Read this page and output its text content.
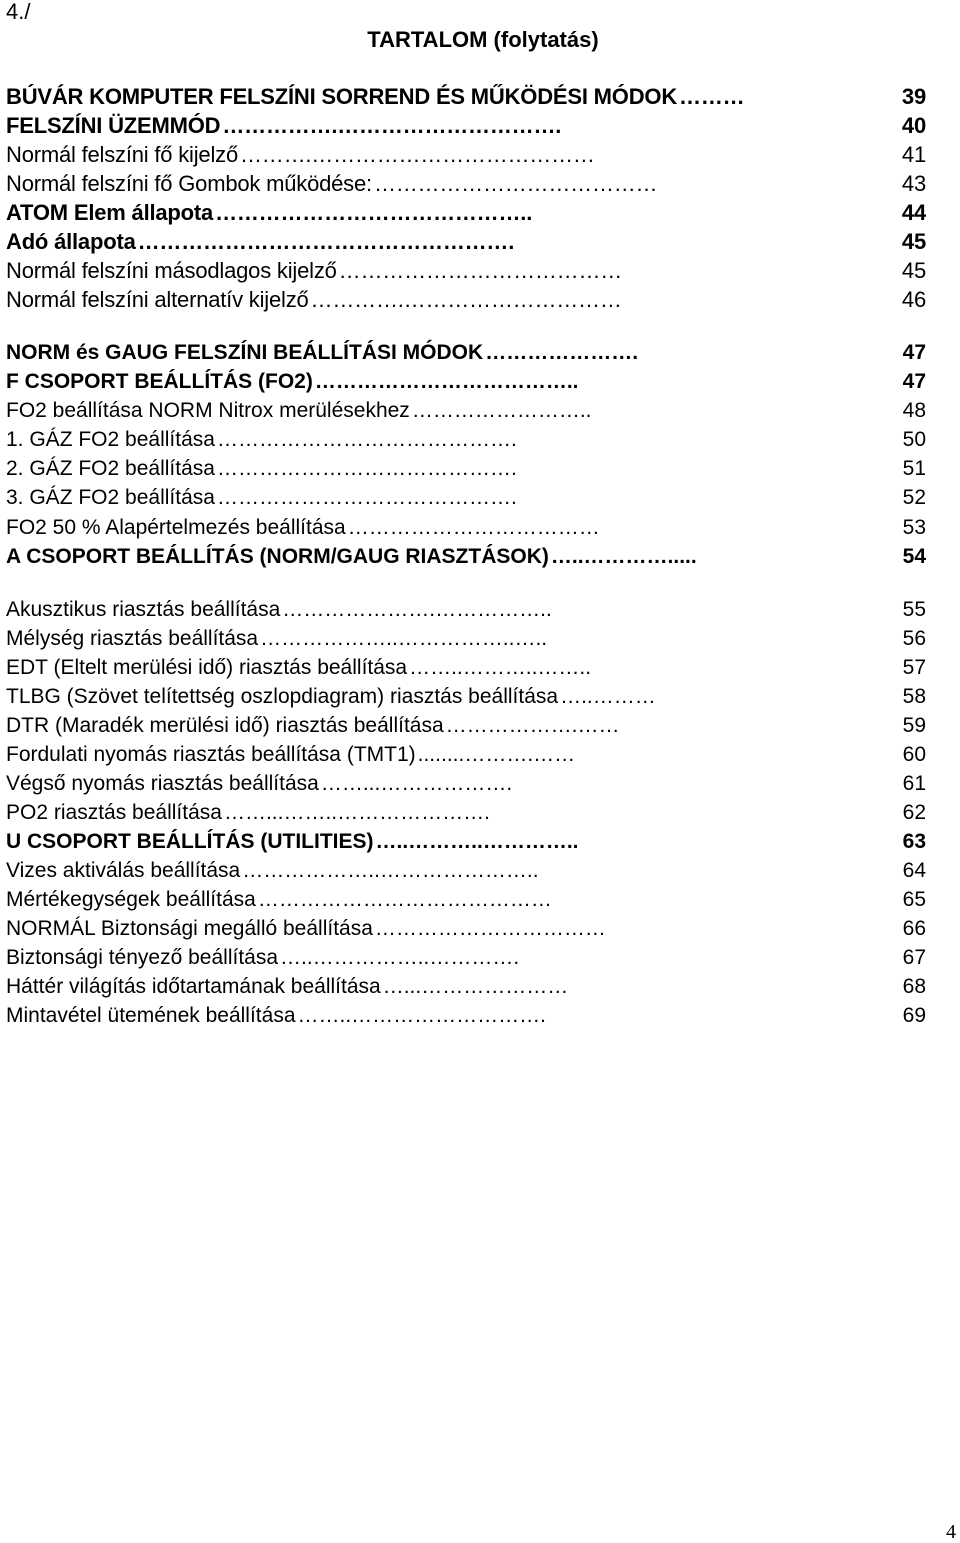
4./
TARTALOM (folytatás)
BÚVÁR KOMPUTER FELSZÍNI SORREND ÉS MŰKÖDÉSI MÓDOK ………	39
FELSZÍNI ÜZEMMÓD …………….………………………….	40
Normál felszíni fő kijelző ……….…………………………………	41
Normál felszíni fő Gombok működése: …………………………………	43
ATOM Elem állapota ……………………………………..	44
Adó állapota …………………………………………….	45
Normál felszíni másodlagos kijelző …………………………………	45
Normál felszíni alternatív kijelző ………….…………………………	46
NORM és GAUG FELSZÍNI BEÁLLÍTÁSI MÓDOK ………………….	47
F CSOPORT BEÁLLÍTÁS (FO2) ………………………………..	47
FO2 beállítása NORM Nitrox merülésekhez ……………………..	48
1. GÁZ FO2 beállítása …………………………………….	50
2. GÁZ FO2 beállítása …………………………………….	51
3. GÁZ FO2 beállítása …………………………………….	52
FO2 50 % Alapértelmezés beállítása ………………………………	53
A CSOPORT BEÁLLÍTÁS (NORM/GAUG RIASZTÁSOK) …..………….....	54
Akusztikus riasztás beállítása ………………….……………..	55
Mélység riasztás beállítása ………………..……………..…..	56
EDT (Eltelt merülési idő) riasztás beállítása ……..………..……..	57
TLBG (Szövet telítettség oszlopdiagram) riasztás beállítása …..………	58
DTR (Maradék merülési idő) riasztás beállítása ……………….……	59
Fordulati nyomás riasztás beállítása (TMT1) ........……….……	60
Végső nyomás riasztás beállítása ……...……………….	61
PO2 riasztás beállítása ……...……..………………….	62
U CSOPORT BEÁLLÍTÁS (UTILITIES) …..………..…………..	63
Vizes aktiválás beállítása ………………..…………………..	64
Mértékegységek beállítása ……………………………………	65
NORMÁL Biztonsági megálló beállítása ……………………………	66
Biztonsági tényező beállítása …..……………..………….	67
Háttér világítás időtartamának beállítása …...…………………	68
Mintavétel ütemének beállítása ……..……………………….	69
4
